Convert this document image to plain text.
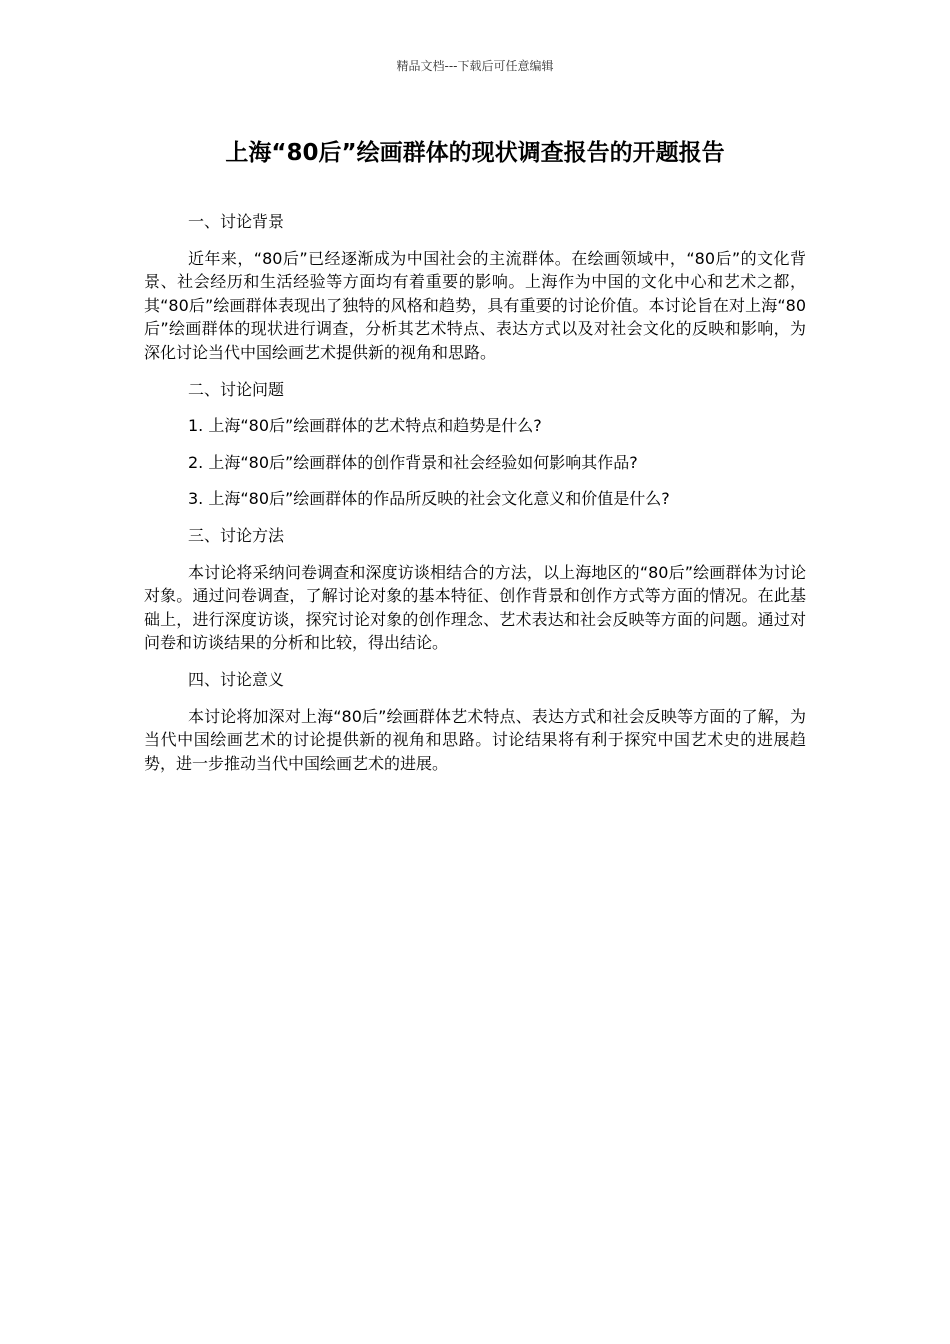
精品文档---下载后可任意编辑
上海“80后”绘画群体的现状调查报告的开题报告

一、讨论背景

近年来，“80后”已经逐渐成为中国社会的主流群体。在绘画领域中，“80后”的文化背景、社会经历和生活经验等方面均有着重要的影响。上海作为中国的文化中心和艺术之都，其“80后”绘画群体表现出了独特的风格和趋势，具有重要的讨论价值。本讨论旨在对上海“80后”绘画群体的现状进行调查，分析其艺术特点、表达方式以及对社会文化的反映和影响，为深化讨论当代中国绘画艺术提供新的视角和思路。

二、讨论问题

1. 上海“80后”绘画群体的艺术特点和趋势是什么?

2. 上海“80后”绘画群体的创作背景和社会经验如何影响其作品?

3. 上海“80后”绘画群体的作品所反映的社会文化意义和价值是什么?

三、讨论方法

本讨论将采纳问卷调查和深度访谈相结合的方法，以上海地区的“80后”绘画群体为讨论对象。通过问卷调查，了解讨论对象的基本特征、创作背景和创作方式等方面的情况。在此基础上，进行深度访谈，探究讨论对象的创作理念、艺术表达和社会反映等方面的问题。通过对问卷和访谈结果的分析和比较，得出结论。

四、讨论意义

本讨论将加深对上海“80后”绘画群体艺术特点、表达方式和社会反映等方面的了解，为当代中国绘画艺术的讨论提供新的视角和思路。讨论结果将有利于探究中国艺术史的进展趋势，进一步推动当代中国绘画艺术的进展。
